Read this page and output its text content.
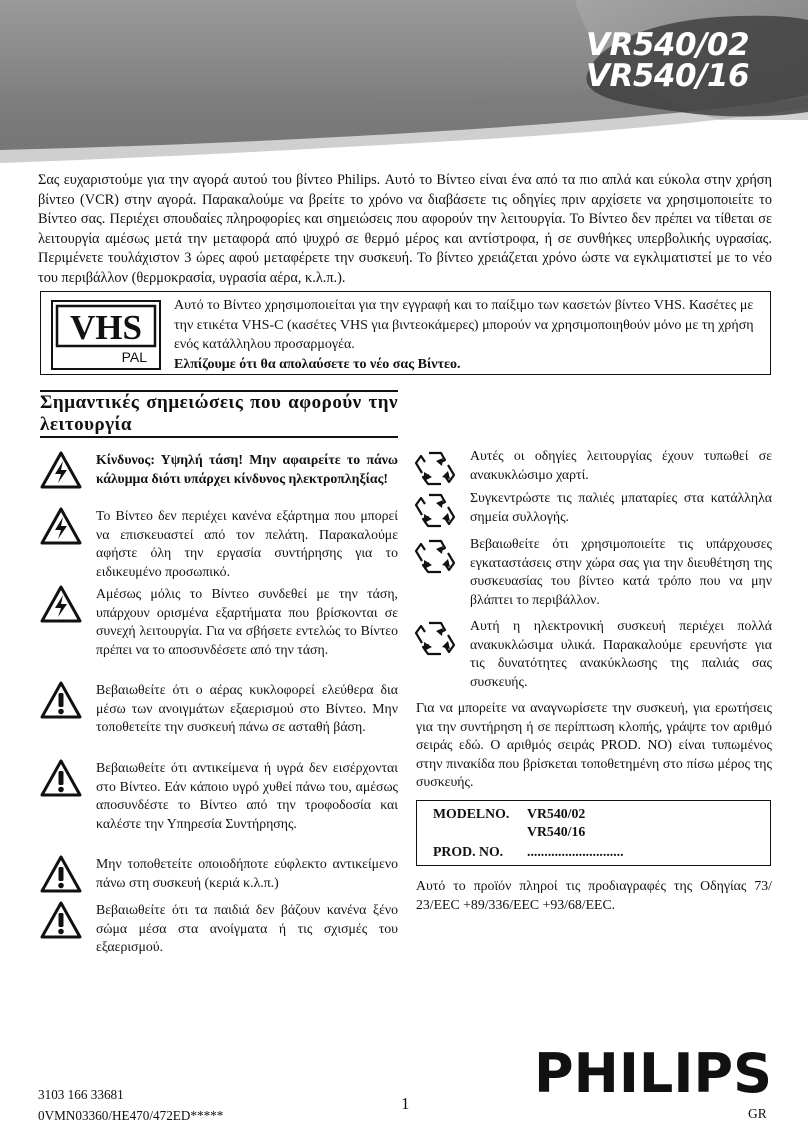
VR540/02
VR540/16

Σας ευχαριστούμε για την αγορά αυτού του βίντεο Philips. Αυτό το Βίντεο είναι ένα από τα πιο απλά και εύκολα στην χρήση βίντεο (VCR) στην αγορά. Παρακαλούμε να βρείτε το χρόνο να διαβάσετε τις οδηγίες πριν αρχίσετε να χρησιμοποιείτε το Βίντεο σας. Περιέχει σπουδαίες πληροφορίες και σημειώσεις που αφορούν την λειτουργία. Το Βίντεο δεν πρέπει να τίθεται σε λειτουργία αμέσως μετά την μεταφορά από ψυχρό σε θερμό μέρος και αντίστροφα, ή σε συνθήκες υπερβολικής υγρασίας. Περιμένετε τουλάχιστον 3 ώρες αφού μεταφέρετε την συσκευή. Το βίντεο χρειάζεται χρόνο ώστε να εγκλιματιστεί με το νέο του περιβάλλον (θερμοκρασία, υγρασία αέρα, κ.λ.π.).

VHS
PAL
Αυτό το Βίντεο χρησιμοποιείται για την εγγραφή και το παίξιμο των κασετών βίντεο VHS. Κασέτες με την ετικέτα VHS-C (κασέτες VHS για βιντεοκάμερες) μπορούν να χρησιμοποιηθούν μόνο με τη χρήση ενός κατάλληλου προσαρμογέα.
Ελπίζουμε ότι θα απολαύσετε το νέο σας Βίντεο.
Σημαντικές σημειώσεις που αφορούν την λειτουργία
Κίνδυνος: Υψηλή τάση! Μην αφαιρείτε το πάνω κάλυμμα διότι υπάρχει κίνδυνος ηλεκτροπληξίας!
Το Βίντεο δεν περιέχει κανένα εξάρτημα που μπορεί να επισκευαστεί από τον πελάτη. Παρακαλούμε αφήστε όλη την εργασία συντήρησης για το ειδικευμένο προσωπικό.
Αμέσως μόλις το Βίντεο συνδεθεί με την τάση, υπάρχουν ορισμένα εξαρτήματα που βρίσκονται σε συνεχή λειτουργία. Για να σβήσετε εντελώς το Βίντεο πρέπει να το αποσυνδέσετε από την τάση.
Βεβαιωθείτε ότι ο αέρας κυκλοφορεί ελεύθερα δια μέσω των ανοιγμάτων εξαερισμού στο Βίντεο. Μην τοποθετείτε την συσκευή πάνω σε ασταθή βάση.
Βεβαιωθείτε ότι αντικείμενα ή υγρά δεν εισέρχονται στο Βίντεο. Εάν κάποιο υγρό χυθεί πάνω του, αμέσως αποσυνδέστε το Βίντεο από την τροφοδοσία και καλέστε την Υπηρεσία Συντήρησης.
Μην τοποθετείτε οποιοδήποτε εύφλεκτο αντικείμενο πάνω στη συσκευή (κεριά κ.λ.π.)
Βεβαιωθείτε ότι τα παιδιά δεν βάζουν κανένα ξένο σώμα μέσα στα ανοίγματα ή τις σχισμές του εξαερισμού.
Αυτές οι οδηγίες λειτουργίας έχουν τυπωθεί σε ανακυκλώσιμο χαρτί.
Συγκεντρώστε τις παλιές μπαταρίες στα κατάλληλα σημεία συλλογής.
Βεβαιωθείτε ότι χρησιμοποιείτε τις υπάρχουσες εγκαταστάσεις στην χώρα σας για την διευθέτηση της συσκευασίας του βίντεο κατά τρόπο που να μην βλάπτει το περιβάλλον.
Αυτή η ηλεκτρονική συσκευή περιέχει πολλά ανακυκλώσιμα υλικά. Παρακαλούμε ερευνήστε για τις δυνατότητες ανακύκλωσης της παλιάς σας συσκευής.

Για να μπορείτε να αναγνωρίσετε την συσκευή, για ερωτήσεις για την συντήρηση ή σε περίπτωση κλοπής, γράψτε τον αριθμό σειράς εδώ. Ο αριθμός σειράς PROD. NO) είναι τυπωμένος στην πινακίδα που βρίσκεται τοποθετημένη στο πίσω μέρος της συσκευής.

MODELNO. VR540/02
VR540/16
PROD. NO. ............................

Αυτό το προϊόν πληροί τις προδιαγραφές της Οδηγίας 73/ 23/EEC +89/336/EEC +93/68/EEC.

PHILIPS
3103 166 33681
0VMN03360/HE470/472ED*****
1
GR
